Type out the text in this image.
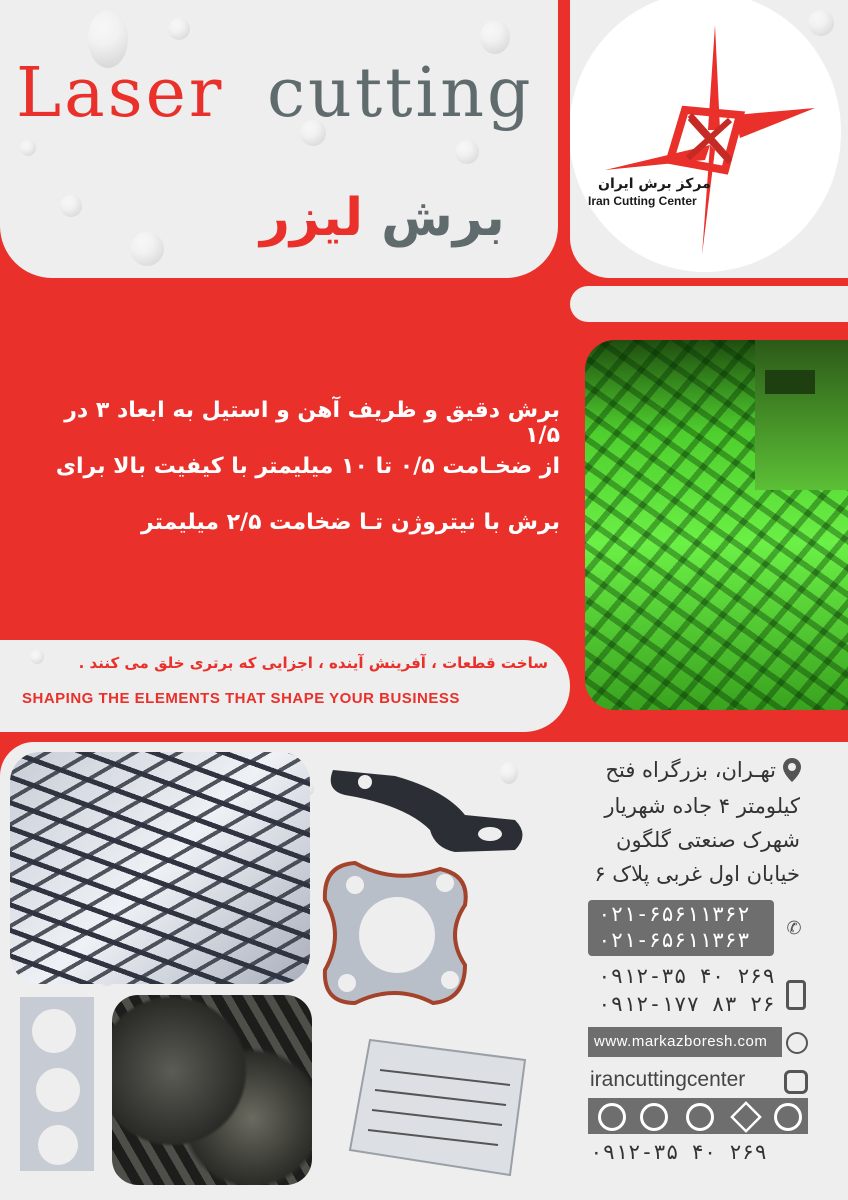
Laser cutting
برش لیزر
مرکز برش ایران
Iran Cutting Center
برش دقیق و ظریف آهن و استیل به ابعاد ۳ در ۱/۵
از ضخـامت ۰/۵ تا ۱۰ میلیمتر با کیفیت بالا برای
برش با نیتروژن تـا ضخامت ۲/۵ میلیمتر
ساخت قطعات ، آفرینش آینده ، اجزایی که برتری خلق می کنند .
SHAPING THE ELEMENTS THAT SHAPE YOUR BUSINESS
تهـران، بزرگراه فتح
کیلومتر ۴ جاده شهریار
شهرک صنعتی گلگون
خیابان اول غربی پلاک ۶
۰۲۱-۶۵۶۱۱۳۶۲
۰۲۱-۶۵۶۱۱۳۶۳ ✆
۰۹۱۲-۳۵ ۴۰ ۲۶۹
۰۹۱۲-۱۷۷ ۸۳ ۲۶
www.markazboresh.com
irancuttingcenter
۰۹۱۲-۳۵ ۴۰ ۲۶۹
